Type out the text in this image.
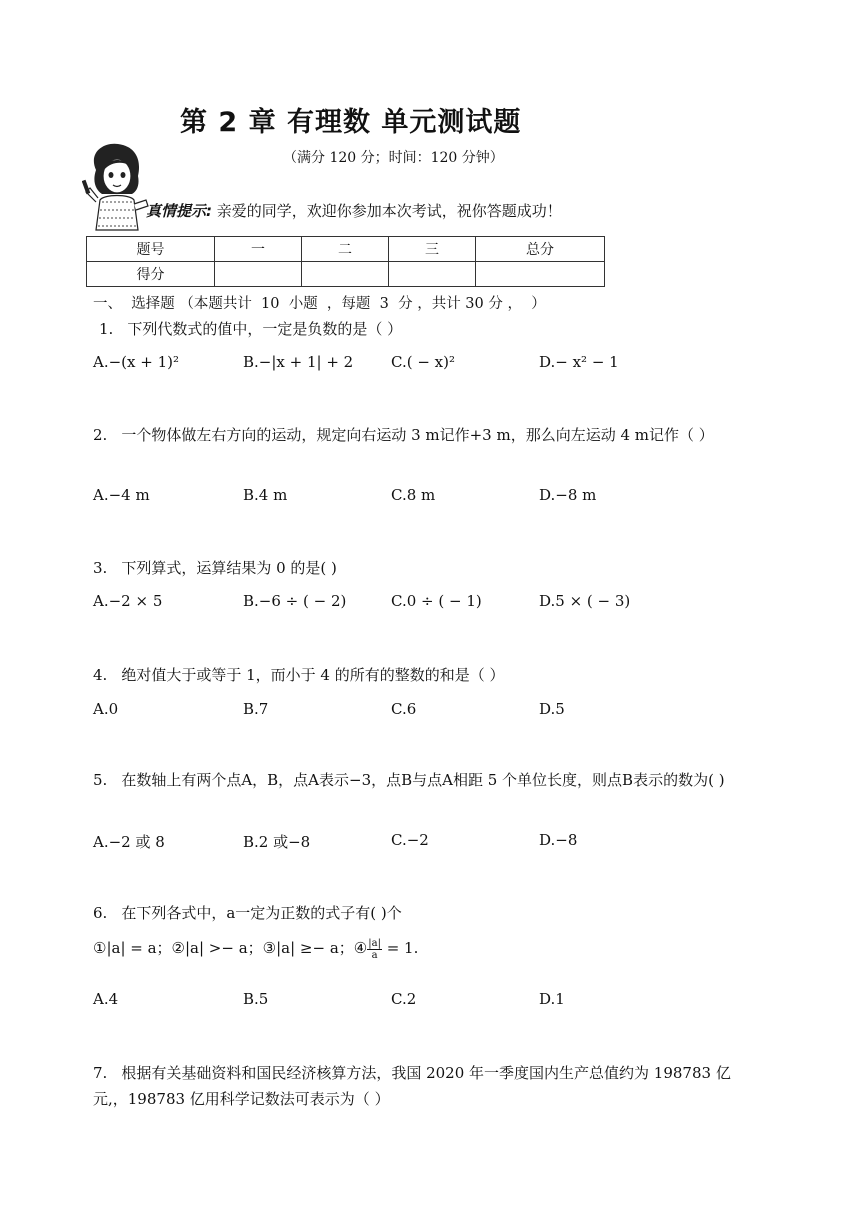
第 2 章 有理数 单元测试题
（满分 120 分；时间：120 分钟）
真情提示: 亲爱的同学，欢迎你参加本次考试，祝你答题成功！
题号	一	二	三	总分
得分				
一、  选择题 （本题共计  10  小题  ，每题  3  分 ，共计 30 分 ，  ）
1. 下列代数式的值中，一定是负数的是（ ）
A.−(x + 1)²	B.−|x + 1| + 2	C.( − x)²	D.− x² − 1
2. 一个物体做左右方向的运动，规定向右运动 3 m记作+3 m，那么向左运动 4 m记作（ ）
A.−4 m	B.4 m	C.8 m	D.−8 m
3. 下列算式，运算结果为 0 的是( )
A.−2 × 5	B.−6 ÷ ( − 2)	C.0 ÷ ( − 1)	D.5 × ( − 3)
4. 绝对值大于或等于 1，而小于 4 的所有的整数的和是（ ）
A.0	B.7	C.6	D.5
5. 在数轴上有两个点A，B，点A表示−3，点B与点A相距 5 个单位长度，则点B表示的数为( )
A.−2 或 8	B.2 或−8	C.−2	D.−8
6. 在下列各式中，a一定为正数的式子有( )个
①|a| = a；②|a| >− a；③|a| ≥− a；④ $\frac{|a|}{a} = 1$.
A.4	B.5	C.2	D.1
7. 根据有关基础资料和国民经济核算方法，我国 2020 年一季度国内生产总值约为 198783 亿元,，198783 亿用科学记数法可表示为（ ）
